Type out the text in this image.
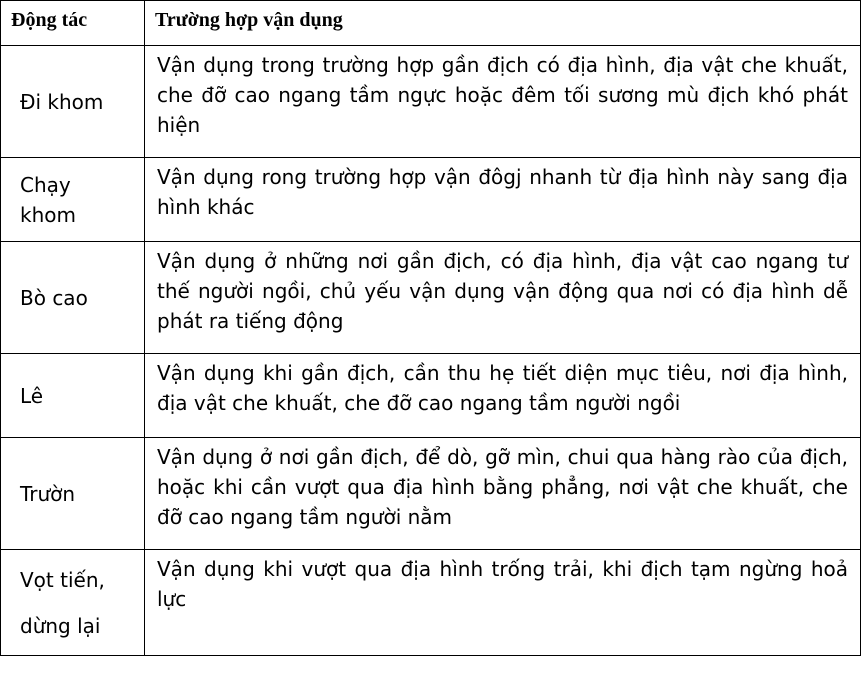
Động tác	Trường hợp vận dụng
Đi khom	Vận dụng trong trường hợp gần địch có địa hình, địa vật che khuất, che đỡ cao ngang tầm ngực hoặc đêm tối sương mù địch khó phát hiện
Chạy khom	Vận dụng rong trường hợp vận đôgj nhanh từ địa hình này sang địa hình khác
Bò cao	Vận dụng ở những nơi gần địch, có địa hình, địa vật cao ngang tư thế người ngồi, chủ yếu vận dụng vận động qua nơi có địa hình dễ phát ra tiếng động
Lê	Vận dụng khi gần địch, cần thu hẹ tiết diện mục tiêu, nơi địa hình, địa vật che khuất, che đỡ cao ngang tầm người ngồi
Trườn	Vận dụng ở nơi gần địch, để dò, gỡ mìn, chui qua hàng rào của địch, hoặc khi cần vượt qua địa hình bằng phẳng, nơi vật che khuất, che đỡ cao ngang tầm người nằm
Vọt tiến, dừng lại	Vận dụng khi vượt qua địa hình trống trải, khi địch tạm ngừng hoả lực
